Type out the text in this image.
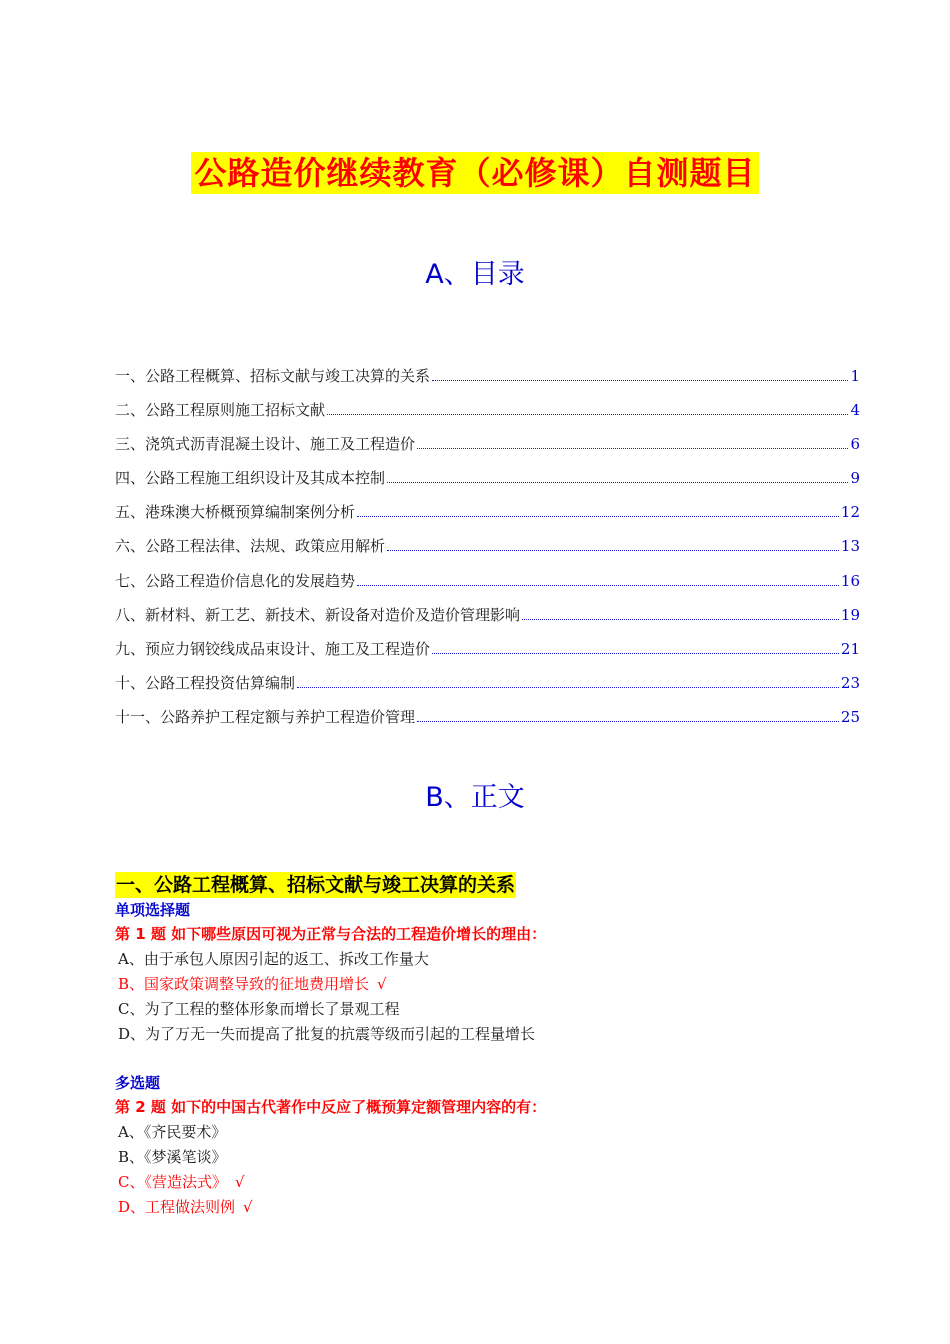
公路造价继续教育（必修课）自测题目
A、目录
一、公路工程概算、招标文献与竣工决算的关系	1
二、公路工程原则施工招标文献	4
三、浇筑式沥青混凝土设计、施工及工程造价	6
四、公路工程施工组织设计及其成本控制	9
五、港珠澳大桥概预算编制案例分析	12
六、公路工程法律、法规、政策应用解析	13
七、公路工程造价信息化的发展趋势	16
八、新材料、新工艺、新技术、新设备对造价及造价管理影响	19
九、预应力钢铰线成品束设计、施工及工程造价	21
十、公路工程投资估算编制	23
十一、公路养护工程定额与养护工程造价管理	25
B、正文
一、公路工程概算、招标文献与竣工决算的关系
单项选择题
第 1 题 如下哪些原因可视为正常与合法的工程造价增长的理由：
A、由于承包人原因引起的返工、拆改工作量大
B、国家政策调整导致的征地费用增长 √
C、为了工程的整体形象而增长了景观工程
D、为了万无一失而提高了批复的抗震等级而引起的工程量增长
多选题
第 2 题 如下的中国古代著作中反应了概预算定额管理内容的有：
A、《齐民要术》
B、《梦溪笔谈》
C、《营造法式》 √
D、工程做法则例 √
